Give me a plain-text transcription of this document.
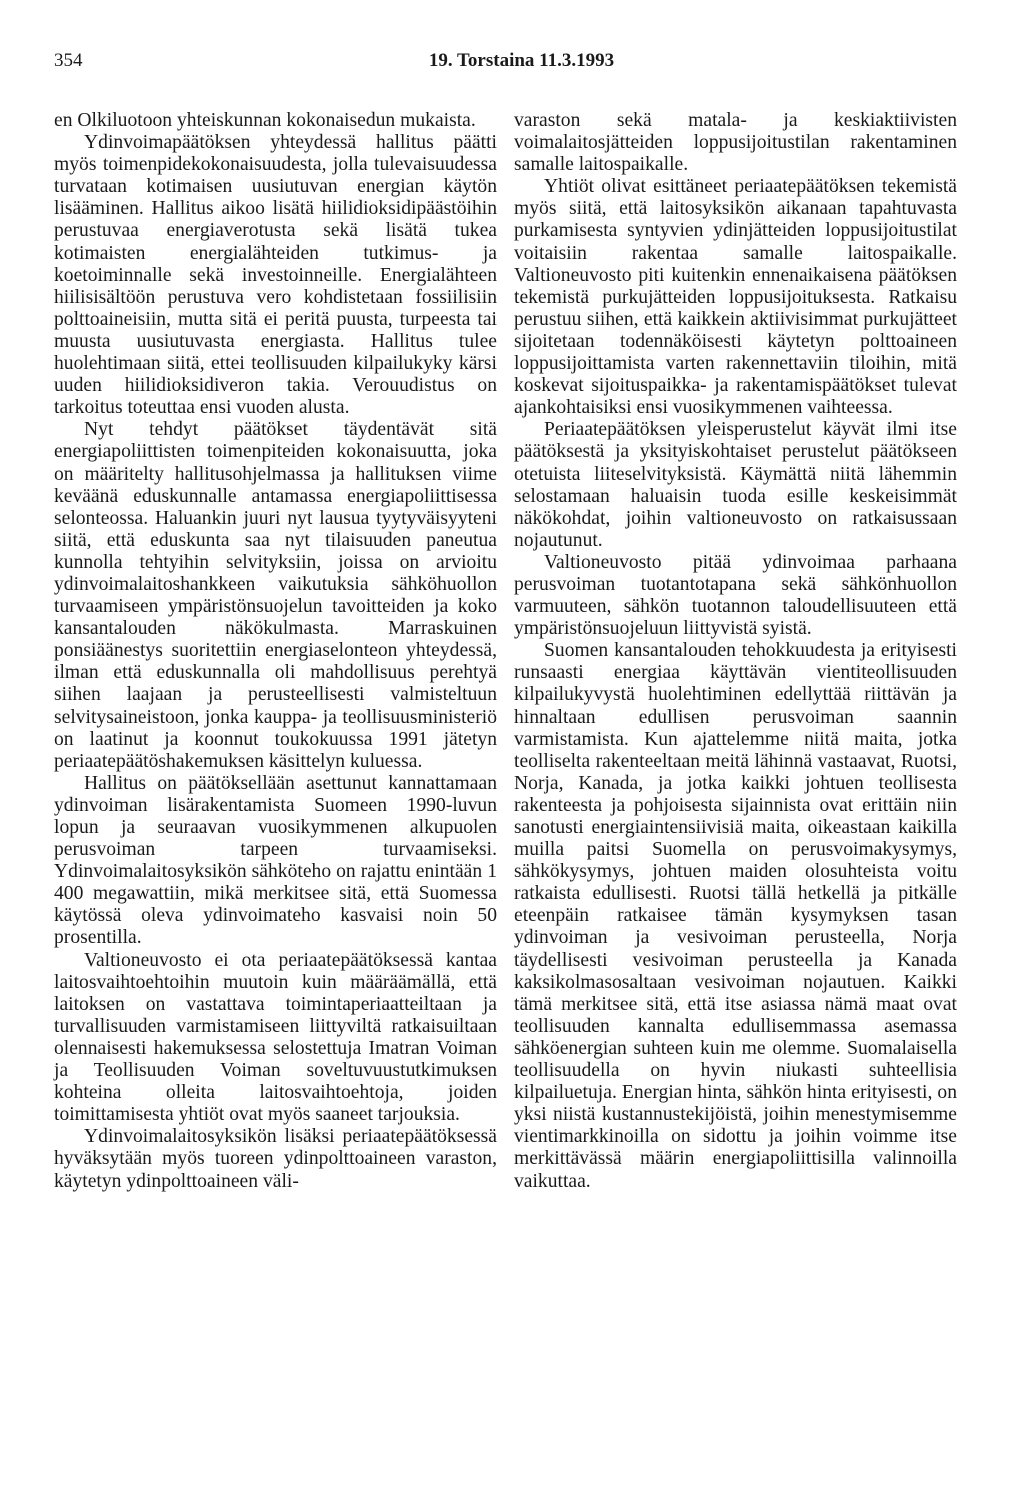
354	19. Torstaina 11.3.1993

en Olkiluotoon yhteiskunnan kokonaisedun mukaista.

Ydinvoimapäätöksen yhteydessä hallitus päätti myös toimenpidekokonaisuudesta, jolla tulevaisuudessa turvataan kotimaisen uusiutuvan energian käytön lisääminen. Hallitus aikoo lisätä hiilidioksidipäästöihin perustuvaa energiaverotusta sekä lisätä tukea kotimaisten energialähteiden tutkimus- ja koetoiminnalle sekä investoinneille. Energialähteen hiilisisältöön perustuva vero kohdistetaan fossiilisiin polttoaineisiin, mutta sitä ei peritä puusta, turpeesta tai muusta uusiutuvasta energiasta. Hallitus tulee huolehtimaan siitä, ettei teollisuuden kilpailukyky kärsi uuden hiilidioksidiveron takia. Verouudistus on tarkoitus toteuttaa ensi vuoden alusta.

Nyt tehdyt päätökset täydentävät sitä energiapoliittisten toimenpiteiden kokonaisuutta, joka on määritelty hallitusohjelmassa ja hallituksen viime keväänä eduskunnalle antamassa energiapoliittisessa selonteossa. Haluankin juuri nyt lausua tyytyväisyyteni siitä, että eduskunta saa nyt tilaisuuden paneutua kunnolla tehtyihin selvityksiin, joissa on arvioitu ydinvoimalaitoshankkeen vaikutuksia sähköhuollon turvaamiseen ympäristönsuojelun tavoitteiden ja koko kansantalouden näkökulmasta. Marraskuinen ponsiäänestys suoritettiin energiaselonteon yhteydessä, ilman että eduskunnalla oli mahdollisuus perehtyä siihen laajaan ja perusteellisesti valmisteltuun selvitysaineistoon, jonka kauppa- ja teollisuusministeriö on laatinut ja koonnut toukokuussa 1991 jätetyn periaatepäätöshakemuksen käsittelyn kuluessa.

Hallitus on päätöksellään asettunut kannattamaan ydinvoiman lisärakentamista Suomeen 1990-luvun lopun ja seuraavan vuosikymmenen alkupuolen perusvoiman tarpeen turvaamiseksi. Ydinvoimalaitosyksikön sähköteho on rajattu enintään 1 400 megawattiin, mikä merkitsee sitä, että Suomessa käytössä oleva ydinvoimateho kasvaisi noin 50 prosentilla.

Valtioneuvosto ei ota periaatepäätöksessä kantaa laitosvaihtoehtoihin muutoin kuin määräämällä, että laitoksen on vastattava toimintaperiaatteiltaan ja turvallisuuden varmistamiseen liittyviltä ratkaisuiltaan olennaisesti hakemuksessa selostettuja Imatran Voiman ja Teollisuuden Voiman soveltuvuustutkimuksen kohteina olleita laitosvaihtoehtoja, joiden toimittamisesta yhtiöt ovat myös saaneet tarjouksia.

Ydinvoimalaitosyksikön lisäksi periaatepäätöksessä hyväksytään myös tuoreen ydinpolttoaineen varaston, käytetyn ydinpolttoaineen väli-

varaston sekä matala- ja keskiaktiivisten voimalaitosjätteiden loppusijoitustilan rakentaminen samalle laitospaikalle.

Yhtiöt olivat esittäneet periaatepäätöksen tekemistä myös siitä, että laitosyksikön aikanaan tapahtuvasta purkamisesta syntyvien ydinjätteiden loppusijoitustilat voitaisiin rakentaa samalle laitospaikalle. Valtioneuvosto piti kuitenkin ennenaikaisena päätöksen tekemistä purkujätteiden loppusijoituksesta. Ratkaisu perustuu siihen, että kaikkein aktiivisimmat purkujätteet sijoitetaan todennäköisesti käytetyn polttoaineen loppusijoittamista varten rakennettaviin tiloihin, mitä koskevat sijoituspaikka- ja rakentamispäätökset tulevat ajankohtaisiksi ensi vuosikymmenen vaihteessa.

Periaatepäätöksen yleisperustelut käyvät ilmi itse päätöksestä ja yksityiskohtaiset perustelut päätökseen otetuista liiteselvityksistä. Käymättä niitä lähemmin selostamaan haluaisin tuoda esille keskeisimmät näkökohdat, joihin valtioneuvosto on ratkaisussaan nojautunut.

Valtioneuvosto pitää ydinvoimaa parhaana perusvoiman tuotantotapana sekä sähkönhuollon varmuuteen, sähkön tuotannon taloudellisuuteen että ympäristönsuojeluun liittyvistä syistä.

Suomen kansantalouden tehokkuudesta ja erityisesti runsaasti energiaa käyttävän vientiteollisuuden kilpailukyvystä huolehtiminen edellyttää riittävän ja hinnaltaan edullisen perusvoiman saannin varmistamista. Kun ajattelemme niitä maita, jotka teolliselta rakenteeltaan meitä lähinnä vastaavat, Ruotsi, Norja, Kanada, ja jotka kaikki johtuen teollisesta rakenteesta ja pohjoisesta sijainnista ovat erittäin niin sanotusti energiaintensiivisiä maita, oikeastaan kaikilla muilla paitsi Suomella on perusvoimakysymys, sähkökysymys, johtuen maiden olosuhteista voitu ratkaista edullisesti. Ruotsi tällä hetkellä ja pitkälle eteenpäin ratkaisee tämän kysymyksen tasan ydinvoiman ja vesivoiman perusteella, Norja täydellisesti vesivoiman perusteella ja Kanada kaksikolmasosaltaan vesivoiman nojautuen. Kaikki tämä merkitsee sitä, että itse asiassa nämä maat ovat teollisuuden kannalta edullisemmassa asemassa sähköenergian suhteen kuin me olemme. Suomalaisella teollisuudella on hyvin niukasti suhteellisia kilpailuetuja. Energian hinta, sähkön hinta erityisesti, on yksi niistä kustannustekijöistä, joihin menestymisemme vientimarkkinoilla on sidottu ja joihin voimme itse merkittävässä määrin energiapoliittisilla valinnoilla vaikuttaa.
